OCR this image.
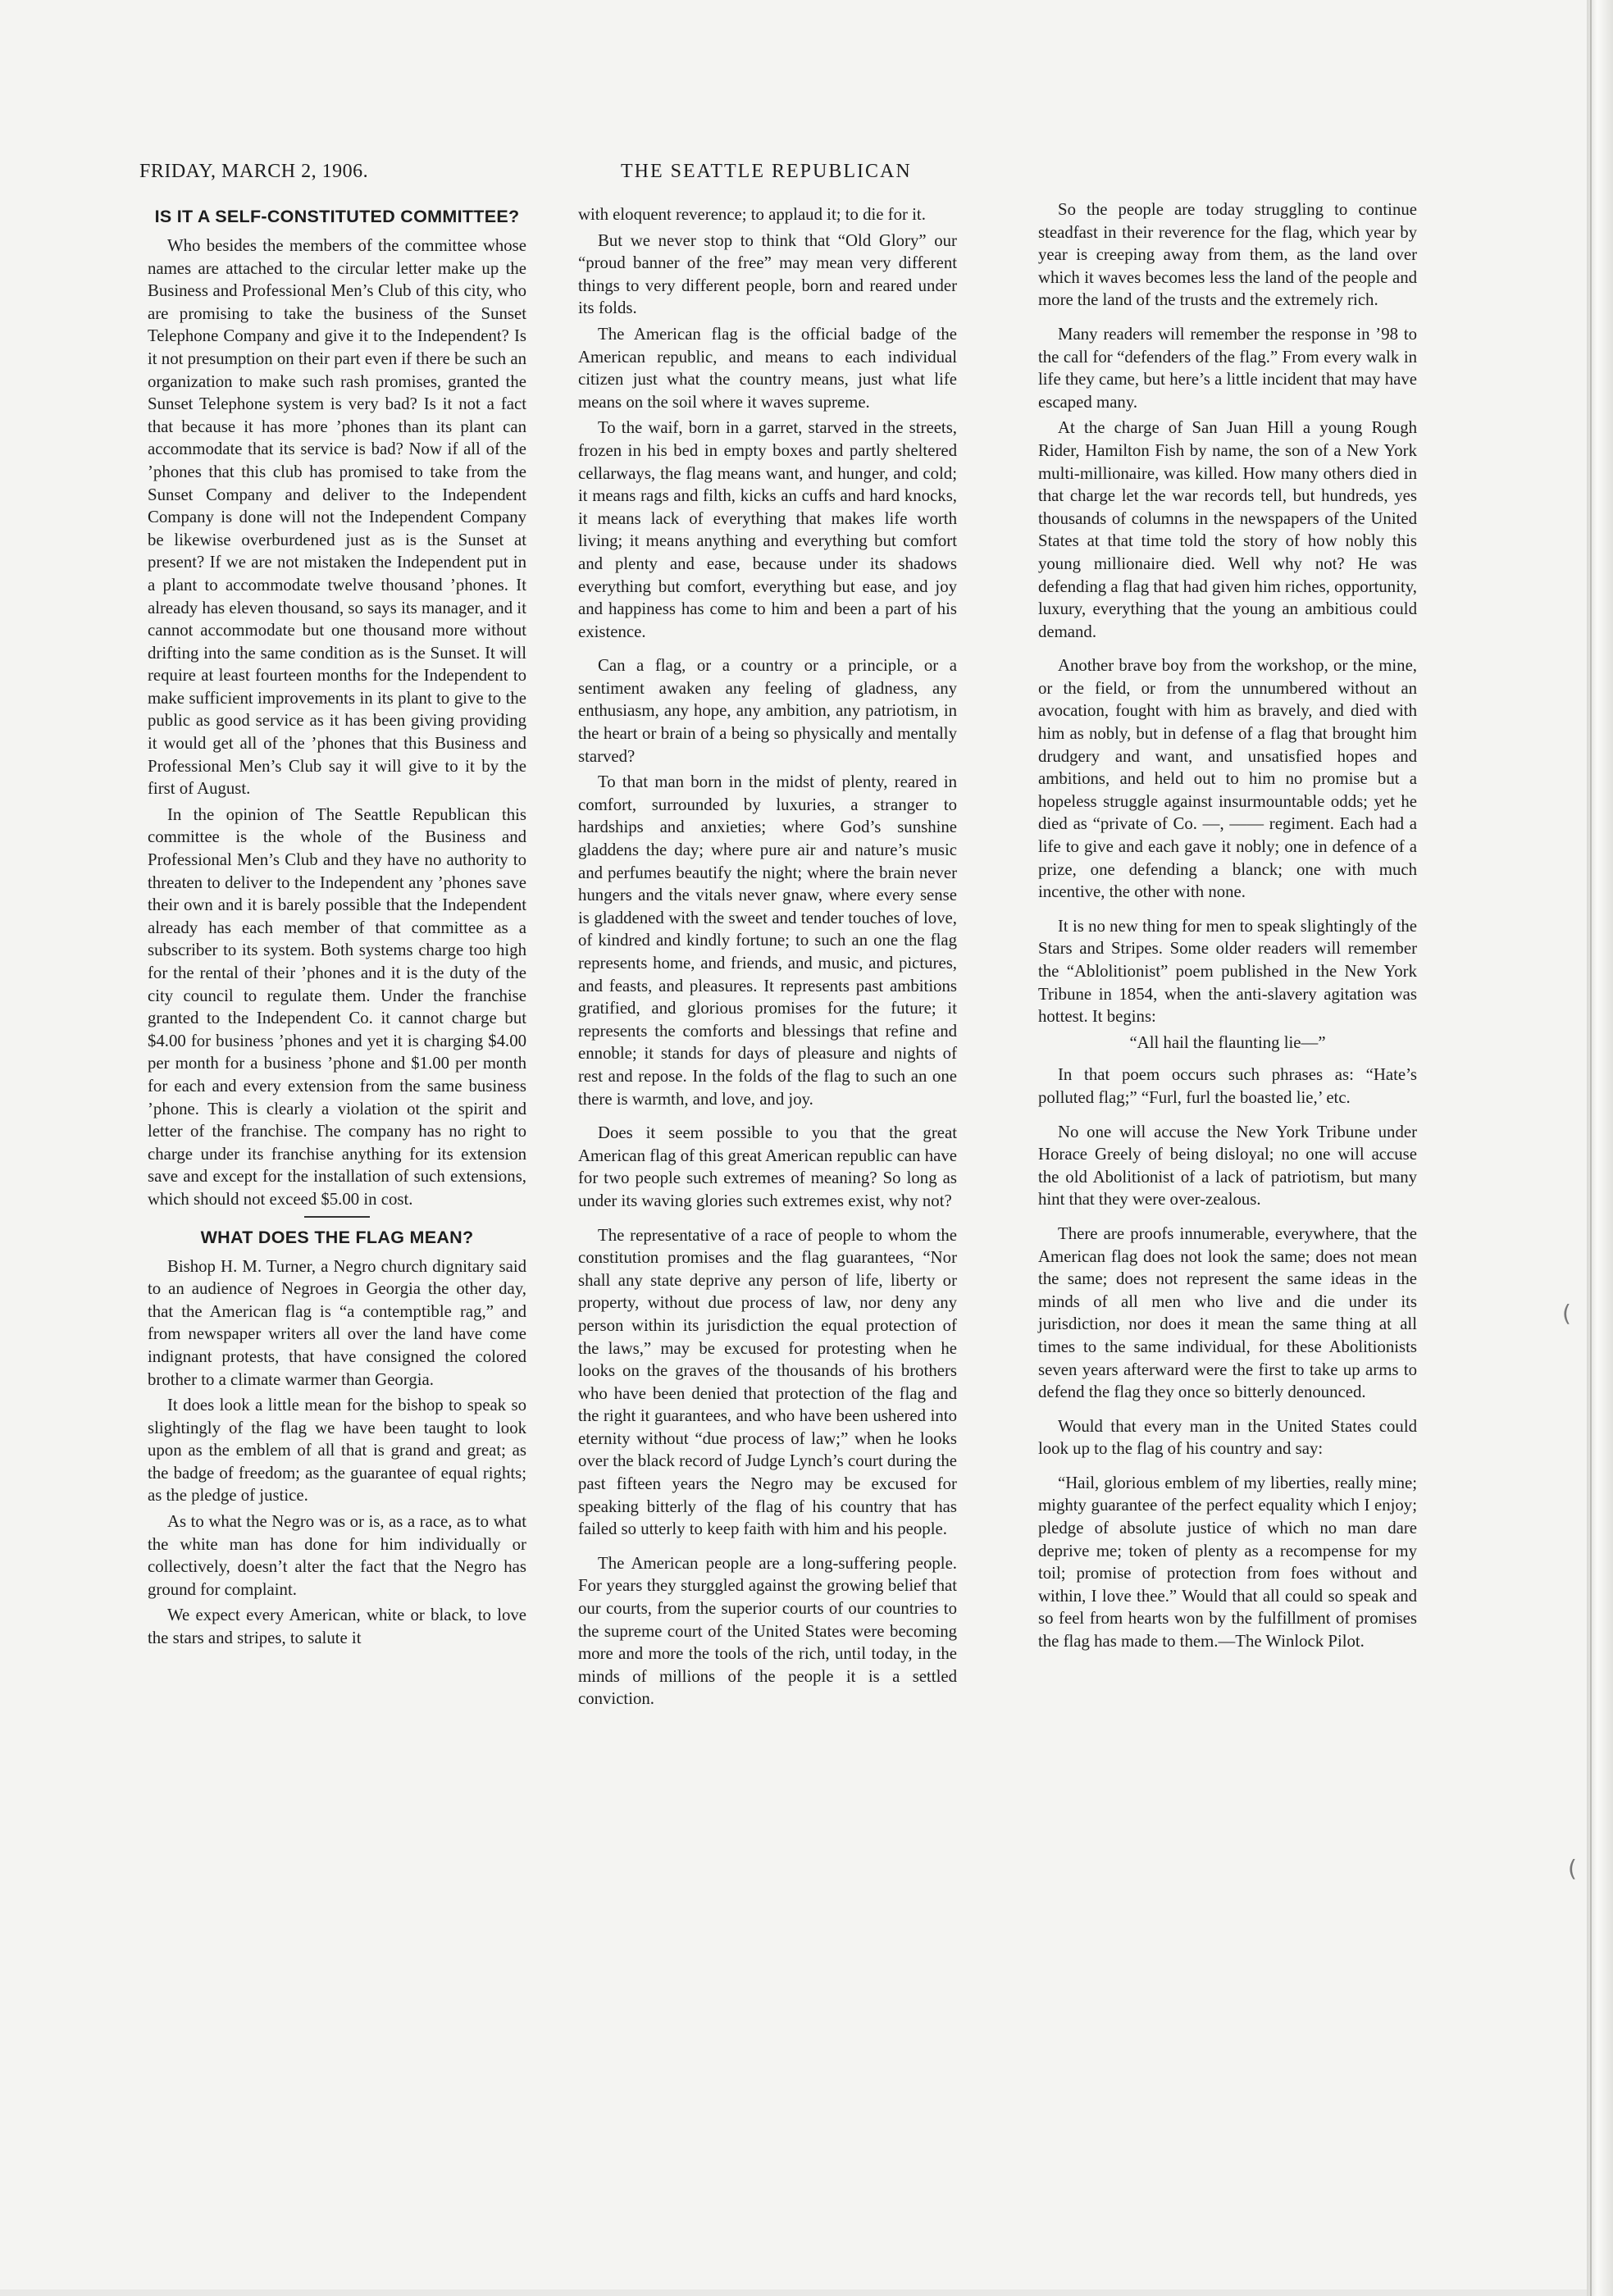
FRIDAY, MARCH 2, 1906.	THE SEATTLE REPUBLICAN
IS IT A SELF-CONSTITUTED COMMITTEE?

Who besides the members of the committee whose names are attached to the circular letter make up the Business and Professional Men’s Club of this city, who are promising to take the business of the Sunset Telephone Company and give it to the Independent? Is it not presumption on their part even if there be such an organization to make such rash promises, granted the Sunset Telephone system is very bad? Is it not a fact that because it has more ’phones than its plant can accommodate that its service is bad? Now if all of the ’phones that this club has promised to take from the Sunset Company and deliver to the Independent Company is done will not the Independent Company be likewise overburdened just as is the Sunset at present? If we are not mistaken the Independent put in a plant to accommodate twelve thousand ’phones. It already has eleven thousand, so says its manager, and it cannot accommodate but one thousand more without drifting into the same condition as is the Sunset. It will require at least fourteen months for the Independent to make sufficient improvements in its plant to give to the public as good service as it has been giving providing it would get all of the ’phones that this Business and Professional Men’s Club say it will give to it by the first of August.

In the opinion of The Seattle Republican this committee is the whole of the Business and Professional Men’s Club and they have no authority to threaten to deliver to the Independent any ’phones save their own and it is barely possible that the Independent already has each member of that committee as a subscriber to its system. Both systems charge too high for the rental of their ’phones and it is the duty of the city council to regulate them. Under the franchise granted to the Independent Co. it cannot charge but $4.00 for business ’phones and yet it is charging $4.00 per month for a business ’phone and $1.00 per month for each and every extension from the same business ’phone. This is clearly a violation ot the spirit and letter of the franchise. The company has no right to charge under its franchise anything for its extension save and except for the installation of such extensions, which should not exceed $5.00 in cost.

WHAT DOES THE FLAG MEAN?

Bishop H. M. Turner, a Negro church dignitary said to an audience of Negroes in Georgia the other day, that the American flag is “a contemptible rag,” and from newspaper writers all over the land have come indignant protests, that have consigned the colored brother to a climate warmer than Georgia.

It does look a little mean for the bishop to speak so slightingly of the flag we have been taught to look upon as the emblem of all that is grand and great; as the badge of freedom; as the guarantee of equal rights; as the pledge of justice.

As to what the Negro was or is, as a race, as to what the white man has done for him individually or collectively, doesn’t alter the fact that the Negro has ground for complaint.

We expect every American, white or black, to love the stars and stripes, to salute it

with eloquent reverence; to applaud it; to die for it.

But we never stop to think that “Old Glory” our “proud banner of the free” may mean very different things to very different people, born and reared under its folds.

The American flag is the official badge of the American republic, and means to each individual citizen just what the country means, just what life means on the soil where it waves supreme.

To the waif, born in a garret, starved in the streets, frozen in his bed in empty boxes and partly sheltered cellarways, the flag means want, and hunger, and cold; it means rags and filth, kicks an cuffs and hard knocks, it means lack of everything that makes life worth living; it means anything and everything but comfort and plenty and ease, because under its shadows everything but comfort, everything but ease, and joy and happiness has come to him and been a part of his existence.

Can a flag, or a country or a principle, or a sentiment awaken any feeling of gladness, any enthusiasm, any hope, any ambition, any patriotism, in the heart or brain of a being so physically and mentally starved?

To that man born in the midst of plenty, reared in comfort, surrounded by luxuries, a stranger to hardships and anxieties; where God’s sunshine gladdens the day; where pure air and nature’s music and perfumes beautify the night; where the brain never hungers and the vitals never gnaw, where every sense is gladdened with the sweet and tender touches of love, of kindred and kindly fortune; to such an one the flag represents home, and friends, and music, and pictures, and feasts, and pleasures. It represents past ambitions gratified, and glorious promises for the future; it represents the comforts and blessings that refine and ennoble; it stands for days of pleasure and nights of rest and repose. In the folds of the flag to such an one there is warmth, and love, and joy.

Does it seem possible to you that the great American flag of this great American republic can have for two people such extremes of meaning? So long as under its waving glories such extremes exist, why not?

The representative of a race of people to whom the constitution promises and the flag guarantees, “Nor shall any state deprive any person of life, liberty or property, without due process of law, nor deny any person within its jurisdiction the equal protection of the laws,” may be excused for protesting when he looks on the graves of the thousands of his brothers who have been denied that protection of the flag and the right it guarantees, and who have been ushered into eternity without “due process of law;” when he looks over the black record of Judge Lynch’s court during the past fifteen years the Negro may be excused for speaking bitterly of the flag of his country that has failed so utterly to keep faith with him and his people.

The American people are a long-suffering people. For years they sturggled against the growing belief that our courts, from the superior courts of our countries to the supreme court of the United States were becoming more and more the tools of the rich, until today, in the minds of millions of the people it is a settled conviction.

So the people are today struggling to continue steadfast in their reverence for the flag, which year by year is creeping away from them, as the land over which it waves becomes less the land of the people and more the land of the trusts and the extremely rich.

Many readers will remember the response in ’98 to the call for “defenders of the flag.” From every walk in life they came, but here’s a little incident that may have escaped many.

At the charge of San Juan Hill a young Rough Rider, Hamilton Fish by name, the son of a New York multi-millionaire, was killed. How many others died in that charge let the war records tell, but hundreds, yes thousands of columns in the newspapers of the United States at that time told the story of how nobly this young millionaire died. Well why not? He was defending a flag that had given him riches, opportunity, luxury, everything that the young an ambitious could demand.

Another brave boy from the workshop, or the mine, or the field, or from the unnumbered without an avocation, fought with him as bravely, and died with him as nobly, but in defense of a flag that brought him drudgery and want, and unsatisfied hopes and ambitions, and held out to him no promise but a hopeless struggle against insurmountable odds; yet he died as “private of Co. —, —— regiment. Each had a life to give and each gave it nobly; one in defence of a prize, one defending a blanck; one with much incentive, the other with none.

It is no new thing for men to speak slightingly of the Stars and Stripes. Some older readers will remember the “Ablolitionist” poem published in the New York Tribune in 1854, when the anti-slavery agitation was hottest. It begins:

“All hail the flaunting lie—”

In that poem occurs such phrases as: “Hate’s polluted flag;” “Furl, furl the boasted lie,’ etc.

No one will accuse the New York Tribune under Horace Greely of being disloyal; no one will accuse the old Abolitionist of a lack of patriotism, but many hint that they were over-zealous.

There are proofs innumerable, everywhere, that the American flag does not look the same; does not mean the same; does not represent the same ideas in the minds of all men who live and die under its jurisdiction, nor does it mean the same thing at all times to the same individual, for these Abolitionists seven years afterward were the first to take up arms to defend the flag they once so bitterly denounced.

Would that every man in the United States could look up to the flag of his country and say:

“Hail, glorious emblem of my liberties, really mine; mighty guarantee of the perfect equality which I enjoy; pledge of absolute justice of which no man dare deprive me; token of plenty as a recompense for my toil; promise of protection from foes without and within, I love thee.” Would that all could so speak and so feel from hearts won by the fulfillment of promises the flag has made to them.—The Winlock Pilot.

(
(
